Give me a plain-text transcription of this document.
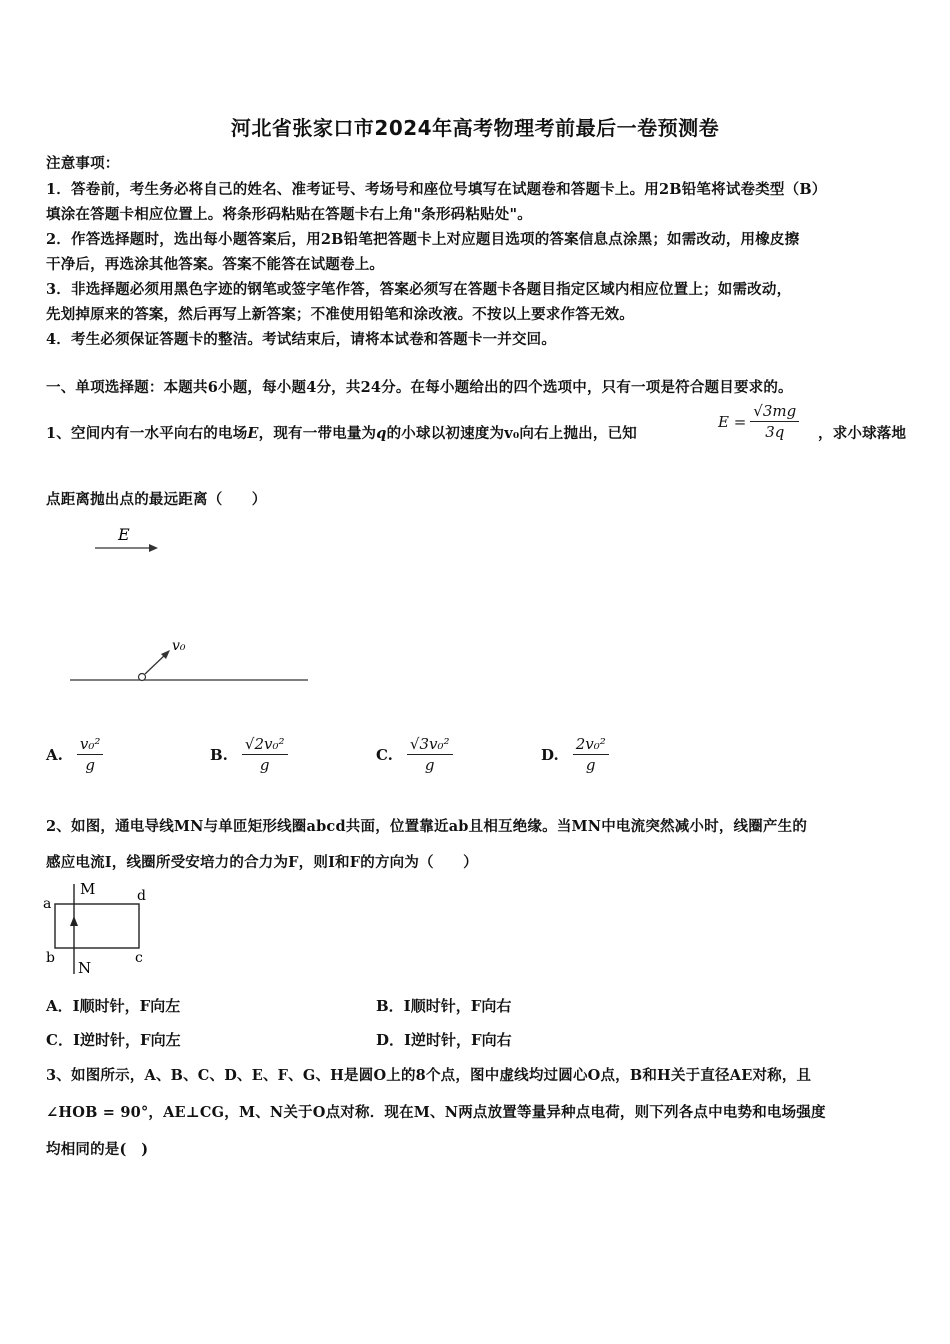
河北省张家口市2024年高考物理考前最后一卷预测卷
注意事项：
1．答卷前，考生务必将自己的姓名、准考证号、考场号和座位号填写在试题卷和答题卡上。用2B铅笔将试卷类型（B）
填涂在答题卡相应位置上。将条形码粘贴在答题卡右上角"条形码粘贴处"。
2．作答选择题时，选出每小题答案后，用2B铅笔把答题卡上对应题目选项的答案信息点涂黑；如需改动，用橡皮擦
干净后，再选涂其他答案。答案不能答在试题卷上。
3．非选择题必须用黑色字迹的钢笔或签字笔作答，答案必须写在答题卡各题目指定区域内相应位置上；如需改动，
先划掉原来的答案，然后再写上新答案；不准使用铅笔和涂改液。不按以上要求作答无效。
4．考生必须保证答题卡的整洁。考试结束后，请将本试卷和答题卡一并交回。
一、单项选择题：本题共6小题，每小题4分，共24分。在每小题给出的四个选项中，只有一项是符合题目要求的。
1、空间内有一水平向右的电场E，现有一带电量为q的小球以初速度为v₀向右上抛出，已知
$E = \frac{√3mg}{3q}$ ，求小球落地
点距离抛出点的最远距离（　　）
E
v₀
A. $\frac{\text{v₀²}}{g}$	B. $\frac{\text{√2v₀²}}{g}$	C. $\frac{\text{√3v₀²}}{g}$	D. $\frac{\text{2v₀²}}{g}$
2、如图，通电导线MN与单匝矩形线圈abcd共面，位置靠近ab且相互绝缘。当MN中电流突然减小时，线圈产生的
感应电流I，线圈所受安培力的合力为F，则I和F的方向为（　　）
M
N
a
b	c
d
A．I顺时针，F向左	B．I顺时针，F向右
C．I逆时针，F向左	D．I逆时针，F向右
3、如图所示，A、B、C、D、E、F、G、H是圆O上的8个点，图中虚线均过圆心O点，B和H关于直径AE对称，且
∠HOB = 90°，AE⊥CG，M、N关于O点对称．现在M、N两点放置等量异种点电荷，则下列各点中电势和电场强度
均相同的是(　)
